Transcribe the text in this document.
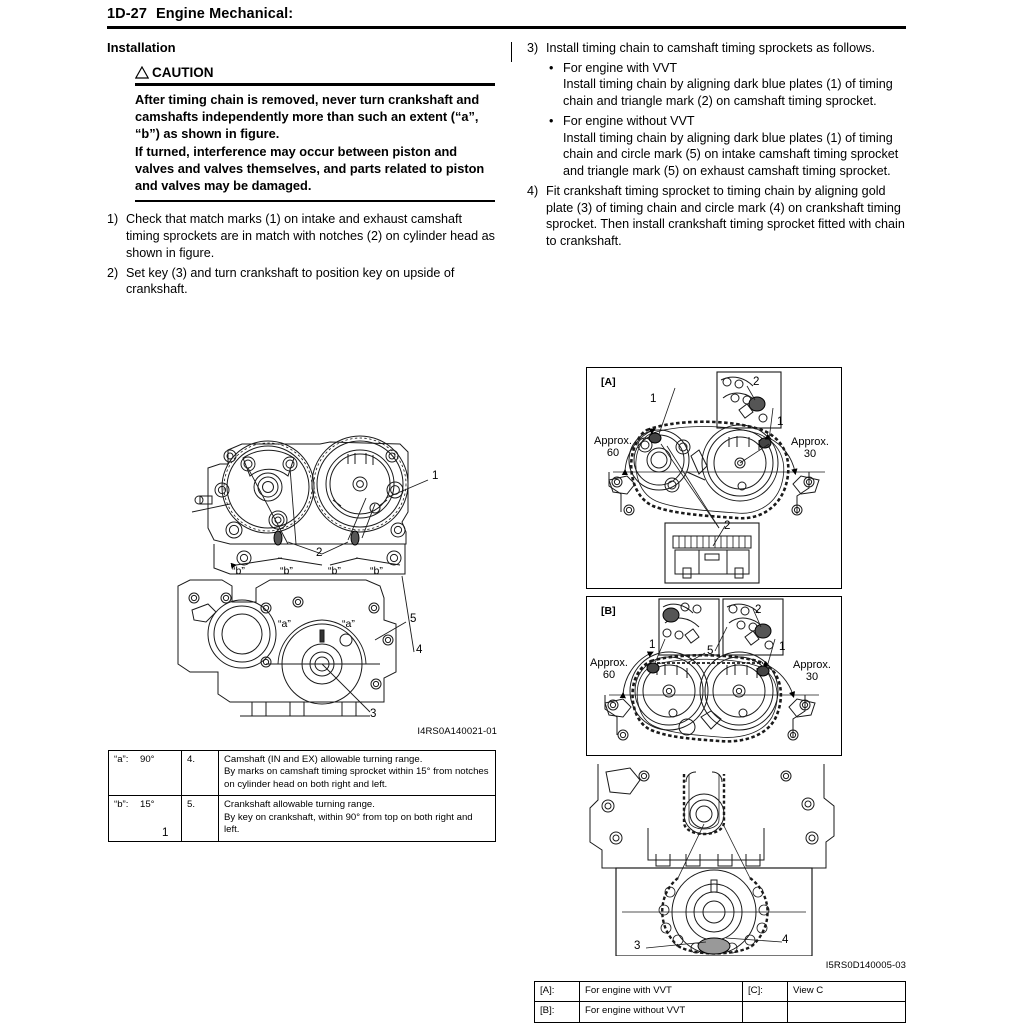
1D-27 Engine Mechanical:
Installation
CAUTION
After timing chain is removed, never turn crankshaft and camshafts independently more than such an extent (“a”, “b”) as shown in figure.
If turned, interference may occur between piston and valves and valves themselves, and parts related to piston and valves may be damaged.
1) Check that match marks (1) on intake and exhaust camshaft timing sprockets are in match with notches (2) on cylinder head as shown in figure.
2) Set key (3) and turn crankshaft to position key on upside of crankshaft.
1
1
2
4
5
3
“b”	“b”	“b”	“b”
“a”	“a”
I4RS0A140021-01
“a”: 90°	4.	Camshaft (IN and EX) allowable turning range.
By marks on camshaft timing sprocket within 15° from notches on cylinder head on both right and left.
“b”: 15°	5.	Crankshaft allowable turning range.
By key on crankshaft, within 90° from top on both right and left.
3) Install timing chain to camshaft timing sprockets as follows.
• For engine with VVT
Install timing chain by aligning dark blue plates (1) of timing chain and triangle mark (2) on camshaft timing sprocket.
• For engine without VVT
Install timing chain by aligning dark blue plates (1) of timing chain and circle mark (5) on intake camshaft timing sprocket and triangle mark (5) on exhaust camshaft timing sprocket.
4) Fit crankshaft timing sprocket to timing chain by aligning gold plate (3) of timing chain and circle mark (4) on crankshaft timing sprocket. Then install crankshaft timing sprocket fitted with chain to crankshaft.
[A]
Approx.
60
Approx.
30
1
1
2
2
[B]
Approx.
60
Approx.
30
1	1
2
5
3	4
I5RS0D140005-03
[A]:	For engine with VVT	[C]:	View C
[B]:	For engine without VVT		
